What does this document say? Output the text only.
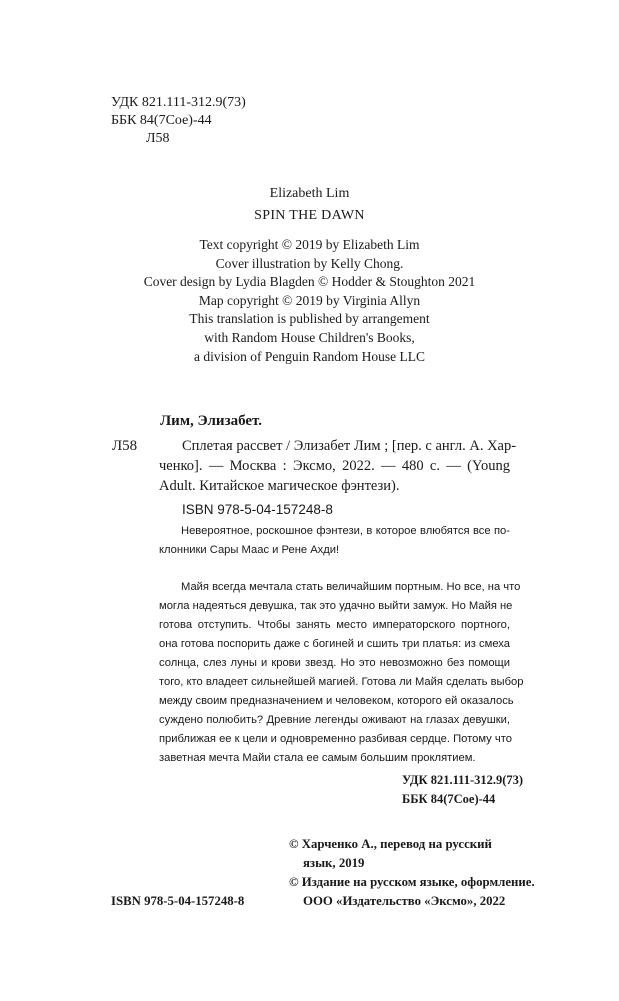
УДК 821.111-312.9(73)
ББК 84(7Сое)-44
Л58
Elizabeth Lim
SPIN THE DAWN
Text copyright © 2019 by Elizabeth Lim
Cover illustration by Kelly Chong.
Cover design by Lydia Blagden © Hodder & Stoughton 2021
Map copyright © 2019 by Virginia Allyn
This translation is published by arrangement
with Random House Children's Books,
a division of Penguin Random House LLC
Лим, Элизабет.
Л58	Сплетая рассвет / Элизабет Лим ; [пер. с англ. А. Хар-
ченко]. — Москва : Эксмо, 2022. — 480 с. — (Young
Adult. Китайское магическое фэнтези).
ISBN 978-5-04-157248-8
Невероятное, роскошное фэнтези, в которое влюбятся все по-
клонники Сары Маас и Рене Ахди!
Майя всегда мечтала стать величайшим портным. Но все, на что
могла надеяться девушка, так это удачно выйти замуж. Но Майя не
готова отступить. Чтобы занять место императорского портного,
она готова поспорить даже с богиней и сшить три платья: из смеха
солнца, слез луны и крови звезд. Но это невозможно без помощи
того, кто владеет сильнейшей магией. Готова ли Майя сделать выбор
между своим предназначением и человеком, которого ей оказалось
суждено полюбить? Древние легенды оживают на глазах девушки,
приближая ее к цели и одновременно разбивая сердце. Потому что
заветная мечта Майи стала ее самым большим проклятием.
УДК 821.111-312.9(73)
ББК 84(7Сое)-44
© Харченко А., перевод на русский
язык, 2019
© Издание на русском языке, оформление.
ООО «Издательство «Эксмо», 2022
ISBN 978-5-04-157248-8
